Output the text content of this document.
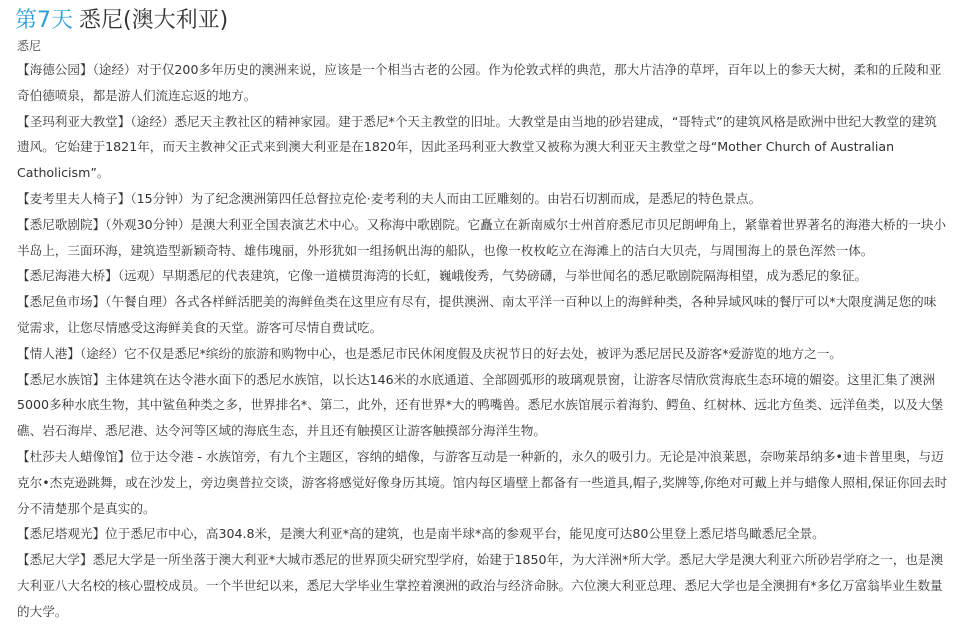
第7天 悉尼(澳大利亚)
悉尼
【海德公园】（途经）对于仅200多年历史的澳洲来说，应该是一个相当古老的公园。作为伦敦式样的典范，那大片洁净的草坪，百年以上的参天大树，柔和的丘陵和亚奇伯德喷泉，都是游人们流连忘返的地方。
【圣玛利亚大教堂】（途经）悉尼天主教社区的精神家园。建于悉尼*个天主教堂的旧址。大教堂是由当地的砂岩建成，“哥特式”的建筑风格是欧洲中世纪大教堂的建筑遗风。它始建于1821年，而天主教神父正式来到澳大利亚是在1820年，因此圣玛利亚大教堂又被称为澳大利亚天主教堂之母“Mother Church of Australian Catholicism”。
【麦考里夫人椅子】（15分钟）为了纪念澳洲第四任总督拉克伦·麦考利的夫人而由工匠雕刻的。由岩石切割而成，是悉尼的特色景点。
【悉尼歌剧院】（外观30分钟）是澳大利亚全国表演艺术中心。又称海中歌剧院。它矗立在新南威尔士州首府悉尼市贝尼朗岬角上，紧靠着世界著名的海港大桥的一块小半岛上，三面环海，建筑造型新颖奇特、雄伟瑰丽，外形犹如一组扬帆出海的船队，也像一枚枚屹立在海滩上的洁白大贝壳，与周围海上的景色浑然一体。
【悉尼海港大桥】（远观）早期悉尼的代表建筑，它像一道横贯海湾的长虹，巍峨俊秀，气势磅礴，与举世闻名的悉尼歌剧院隔海相望，成为悉尼的象征。
【悉尼鱼市场】（午餐自理）各式各样鲜活肥美的海鲜鱼类在这里应有尽有，提供澳洲、南太平洋一百种以上的海鲜种类，各种异域风味的餐厅可以*大限度满足您的味觉需求，让您尽情感受这海鲜美食的天堂。游客可尽情自费试吃。
【情人港】（途经）它不仅是悉尼*缤纷的旅游和购物中心，也是悉尼市民休闲度假及庆祝节日的好去处，被评为悉尼居民及游客*爱游览的地方之一。
【悉尼水族馆】主体建筑在达令港水面下的悉尼水族馆，以长达146米的水底通道、全部圆弧形的玻璃观景窗，让游客尽情欣赏海底生态环境的媚姿。这里汇集了澳洲5000多种水底生物，其中鲨鱼种类之多，世界排名*、第二，此外，还有世界*大的鸭嘴兽。悉尼水族馆展示着海豹、鳄鱼、红树林、远北方鱼类、远洋鱼类，以及大堡礁、岩石海岸、悉尼港、达令河等区域的海底生态，并且还有触摸区让游客触摸部分海洋生物。
【杜莎夫人蜡像馆】位于达令港 - 水族馆旁，有九个主题区，容纳的蜡像，与游客互动是一种新的，永久的吸引力。无论是冲浪莱恩，奈吻莱昂纳多•迪卡普里奥，与迈克尔•杰克逊跳舞，或在沙发上，旁边奥普拉交谈，游客将感觉好像身历其境。馆内每区墙壁上都备有一些道具,帽子,奖牌等,你绝对可戴上并与蜡像人照相,保证你回去时分不清楚那个是真实的。
【悉尼塔观光】位于悉尼市中心，高304.8米，是澳大利亚*高的建筑，也是南半球*高的参观平台，能见度可达80公里登上悉尼塔鸟瞰悉尼全景。
【悉尼大学】悉尼大学是一所坐落于澳大利亚*大城市悉尼的世界顶尖研究型学府，始建于1850年，为大洋洲*所大学。悉尼大学是澳大利亚六所砂岩学府之一，也是澳大利亚八大名校的核心盟校成员。一个半世纪以来，悉尼大学毕业生掌控着澳洲的政治与经济命脉。六位澳大利亚总理、悉尼大学也是全澳拥有*多亿万富翁毕业生数量的大学。
